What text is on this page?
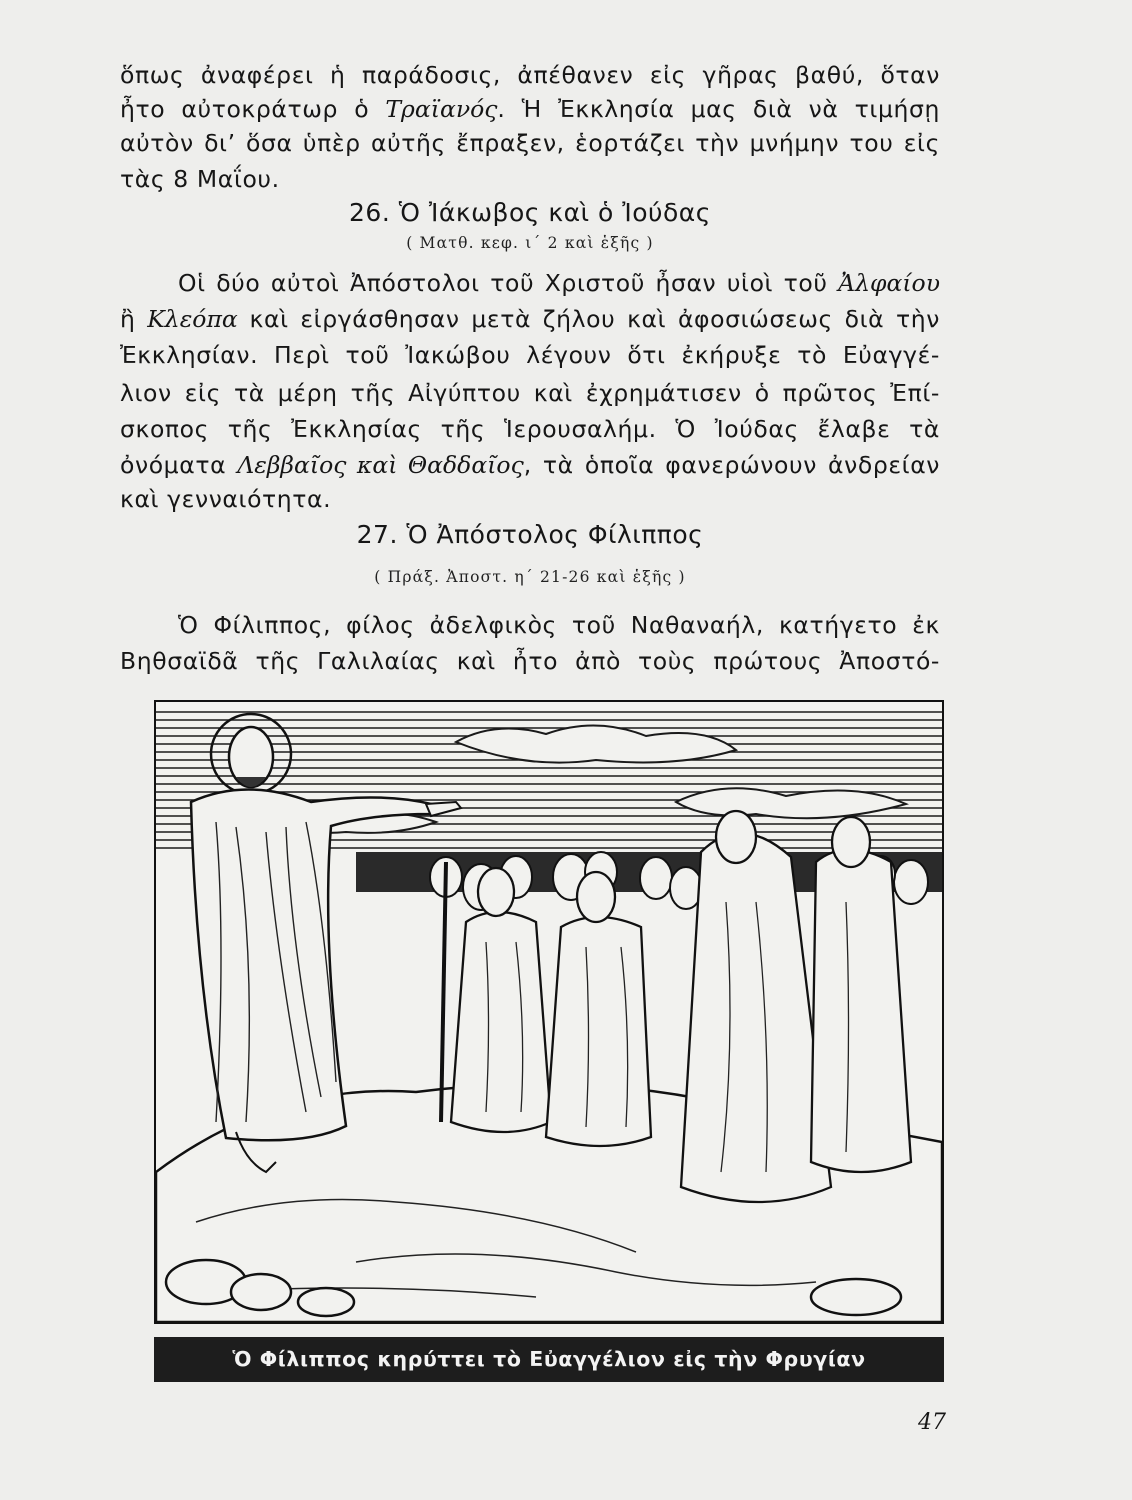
ὅπως ἀναφέρει ἡ παράδοσις, ἀπέθανεν εἰς γῆρας βαθύ, ὅταν
ἦτο αὐτοκράτωρ ὁ Τραϊανός. Ἡ Ἐκκλησία μας διὰ νὰ τιμήσῃ
αὐτὸν δι’ ὅσα ὑπὲρ αὐτῆς ἔπραξεν, ἑορτάζει τὴν μνήμην του εἰς
τὰς 8 Μαΐου.
26. Ὁ Ἰάκωβος καὶ ὁ Ἰούδας
( Ματθ. κεφ. ι΄ 2 καὶ ἑξῆς )
Οἱ δύο αὐτοὶ Ἀπόστολοι τοῦ Χριστοῦ ἦσαν υἱοὶ τοῦ Ἀλφαίου
ἢ Κλεόπα καὶ εἰργάσθησαν μετὰ ζήλου καὶ ἀφοσιώσεως διὰ τὴν
Ἐκκλησίαν. Περὶ τοῦ Ἰακώβου λέγουν ὅτι ἐκήρυξε τὸ Εὐαγγέ-
λιον εἰς τὰ μέρη τῆς Αἰγύπτου καὶ ἐχρημάτισεν ὁ πρῶτος Ἐπί-
σκοπος τῆς Ἐκκλησίας τῆς Ἱερουσαλήμ. Ὁ Ἰούδας ἔλαβε τὰ
ὀνόματα Λεββαῖος καὶ Θαδδαῖος, τὰ ὁποῖα φανερώνουν ἀνδρείαν
καὶ γενναιότητα.
27. Ὁ Ἀπόστολος Φίλιππος
( Πράξ. Ἀποστ. η΄ 21-26 καὶ ἑξῆς )
Ὁ Φίλιππος, φίλος ἀδελφικὸς τοῦ Ναθαναήλ, κατήγετο ἐκ
Βηθσαϊδᾶ τῆς Γαλιλαίας καὶ ἦτο ἀπὸ τοὺς πρώτους Ἀποστό-
Ὁ Φίλιππος κηρύττει τὸ Εὐαγγέλιον εἰς τὴν Φρυγίαν
47
